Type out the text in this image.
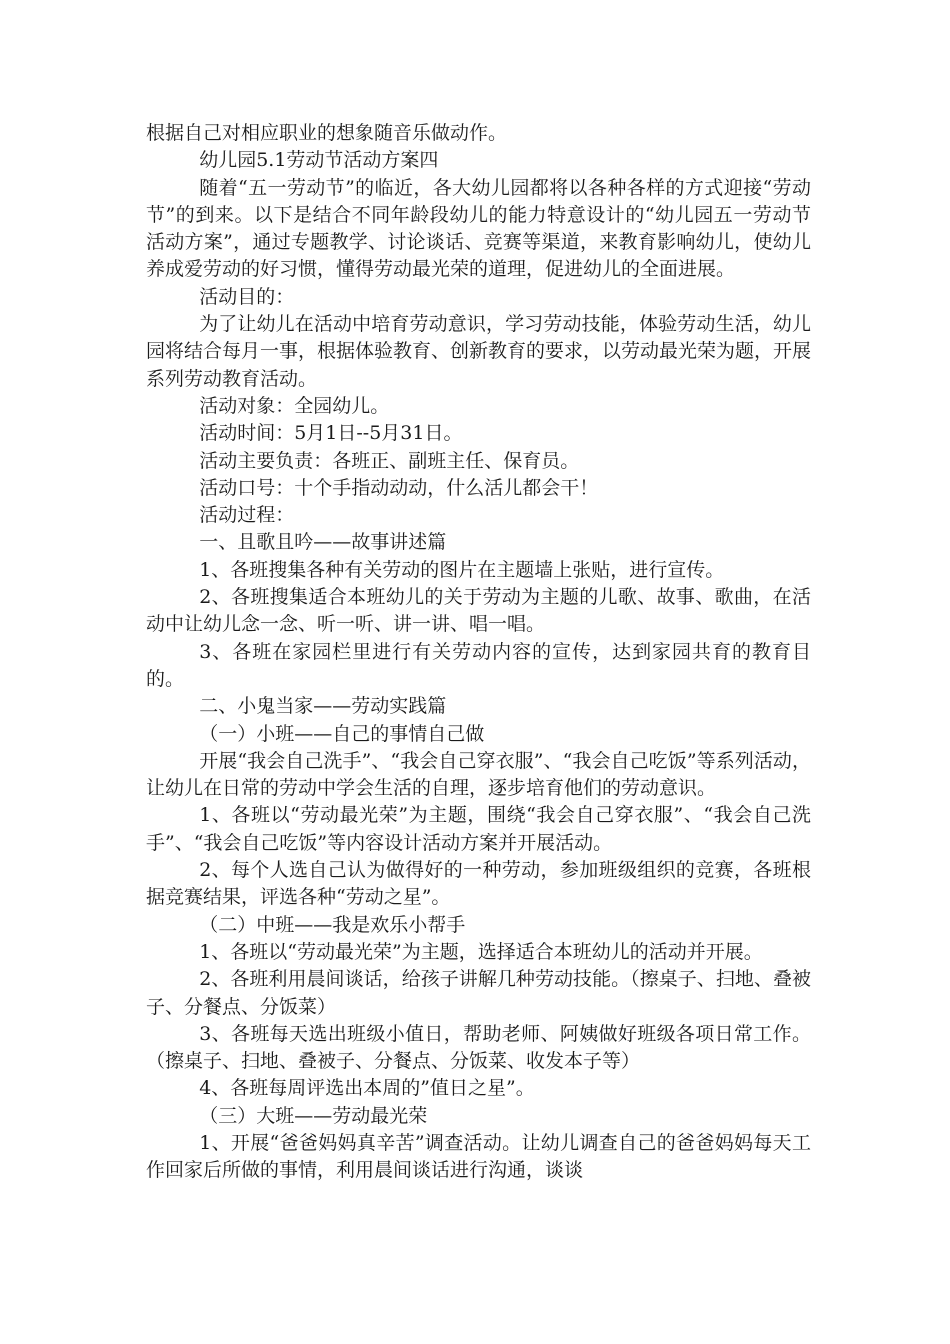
根据自己对相应职业的想象随音乐做动作。

幼儿园5.1劳动节活动方案四

随着“五一劳动节”的临近，各大幼儿园都将以各种各样的方式迎接“劳动节”的到来。以下是结合不同年龄段幼儿的能力特意设计的“幼儿园五一劳动节活动方案”，通过专题教学、讨论谈话、竞赛等渠道，来教育影响幼儿，使幼儿养成爱劳动的好习惯，懂得劳动最光荣的道理，促进幼儿的全面进展。

活动目的：

为了让幼儿在活动中培育劳动意识，学习劳动技能，体验劳动生活，幼儿园将结合每月一事，根据体验教育、创新教育的要求，以劳动最光荣为题，开展系列劳动教育活动。

活动对象：全园幼儿。

活动时间：5月1日--5月31日。

活动主要负责：各班正、副班主任、保育员。

活动口号：十个手指动动动，什么活儿都会干！

活动过程：

一、且歌且吟——故事讲述篇

1、各班搜集各种有关劳动的图片在主题墙上张贴，进行宣传。

2、各班搜集适合本班幼儿的关于劳动为主题的儿歌、故事、歌曲，在活动中让幼儿念一念、听一听、讲一讲、唱一唱。

3、各班在家园栏里进行有关劳动内容的宣传，达到家园共育的教育目的。

二、小鬼当家——劳动实践篇

（一）小班——自己的事情自己做

开展“我会自己洗手”、“我会自己穿衣服”、“我会自己吃饭”等系列活动，让幼儿在日常的劳动中学会生活的自理，逐步培育他们的劳动意识。

1、各班以“劳动最光荣”为主题，围绕“我会自己穿衣服”、“我会自己洗手”、“我会自己吃饭”等内容设计活动方案并开展活动。

2、每个人选自己认为做得好的一种劳动，参加班级组织的竞赛，各班根据竞赛结果，评选各种“劳动之星”。

（二）中班——我是欢乐小帮手

1、各班以“劳动最光荣”为主题，选择适合本班幼儿的活动并开展。

2、各班利用晨间谈话，给孩子讲解几种劳动技能。（擦桌子、扫地、叠被子、分餐点、分饭菜）

3、各班每天选出班级小值日，帮助老师、阿姨做好班级各项日常工作。（擦桌子、扫地、叠被子、分餐点、分饭菜、收发本子等）

4、各班每周评选出本周的”值日之星”。

（三）大班——劳动最光荣

1、开展“爸爸妈妈真辛苦”调查活动。让幼儿调查自己的爸爸妈妈每天工作回家后所做的事情，利用晨间谈话进行沟通，谈谈
